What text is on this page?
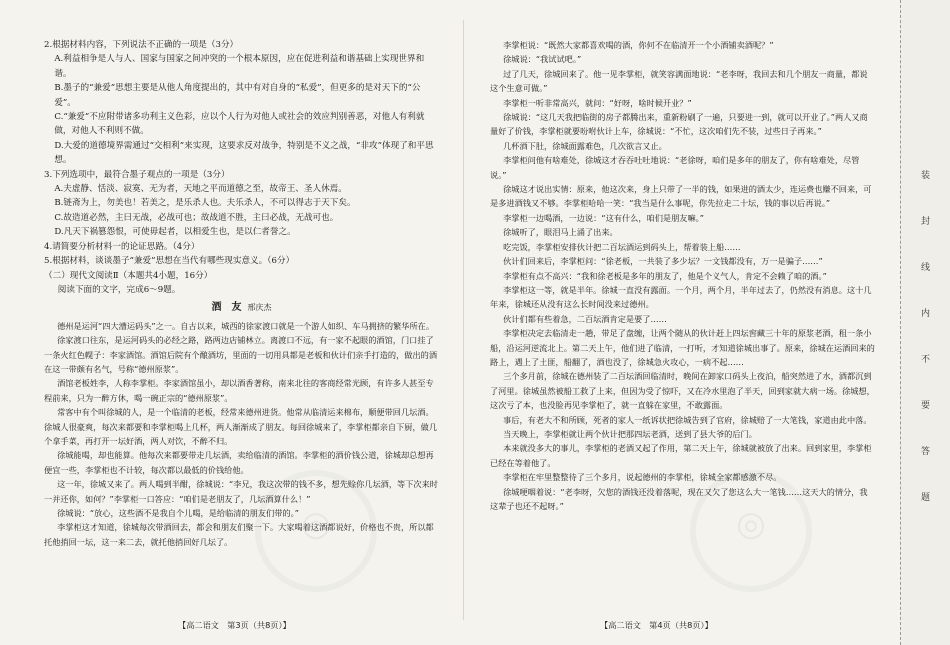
◎	◎

2.根据材料内容，下列说法不正确的一项是（3分）

A.利益相争是人与人、国家与国家之间冲突的一个根本原因，应在促进利益和谐基础上实现世界和谐。

B.墨子的“兼爱”思想主要是从他人角度提出的，其中有对自身的“私爱”，但更多的是对天下的“公爱”。

C.“兼爱”不应附带诸多功利主义色彩，应以个人行为对他人或社会的效应判别善恶，对他人有利就做，对他人不利则不做。

D.大爱的道德境界需通过“交相利”来实现，这要求反对战争，特别是不义之战，“非攻”体现了和平思想。

3.下列选项中，最符合墨子观点的一项是（3分）

A.夫虚静、恬淡、寂寞、无为者，天地之平而道德之至，故帝王、圣人休焉。

B.链斋为上，勿美也！若美之，是乐杀人也。夫乐杀人，不可以得志于天下矣。

C.故造道必然，主曰无战，必战可也；故战道不胜，主曰必战，无战可也。

D.凡天下祸篡怨恨，可使毋起者，以相爱生也，是以仁者誉之。

4.请简要分析材料一的论证思路。（4分）

5.根据材料，谈谈墨子“兼爱”思想在当代有哪些现实意义。（6分）

（二）现代文阅读Ⅱ（本题共4小题，16分）

阅读下面的文字，完成6～9题。

酒　友 邢庆杰

德州是运河“四大漕运码头”之一。自古以来，城西的徐家渡口就是一个游人如织、车马拥挤的繁华所在。

徐家渡口往东，是运河码头的必经之路，路两边店铺林立。离渡口不远，有一家不起眼的酒馆，门口挂了一条火红色幌子：李家酒馆。酒馆后院有个酿酒坊，里面的一切用具都是老板和伙计们亲手打造的，做出的酒在这一带颇有名气，号称“德州原浆”。

酒馆老板姓李，人称李掌柜。李家酒馆虽小，却以酒香著称，南来北往的客商经常光顾，有许多人甚至专程前来，只为一醉方休，喝一碗正宗的“德州原浆”。

常客中有个叫徐城的人，是一个临清的老板，经常来德州进货。他常从临清运来棉布，顺便带回几坛酒。徐城人很豪爽，每次来都要和李掌柜喝上几杯，两人渐渐成了朋友。每回徐城来了，李掌柜都亲自下厨，做几个拿手菜，再打开一坛好酒，两人对饮，不醉不归。

徐城能喝，却也能算。他每次来都要带走几坛酒，卖给临清的酒馆。李掌柜的酒价钱公道，徐城却总想再便宜一些，李掌柜也不计较，每次都以最低的价钱给他。

这一年，徐城又来了。两人喝到半酣，徐城说：“李兄，我这次带的钱不多，想先赊你几坛酒，等下次来时一并还你，如何？”李掌柜一口答应：“咱们是老朋友了，几坛酒算什么！”

徐城说：“放心，这些酒不是我自个儿喝，是给临清的朋友们带的。”

李掌柜这才知道，徐城每次带酒回去，都会和朋友们聚一下。大家喝着这酒都说好，价格也不贵，所以都托他捎回一坛，这一来二去，就托他捎回好几坛了。

李掌柜说：“既然大家都喜欢喝的酒，你何不在临清开一个小酒铺卖酒呢？”

徐城说：“我试试吧。”

过了几天，徐城回来了。他一见李掌柜，就笑容满面地说：“老李呀，我回去和几个朋友一商量，都说这个生意可做。”

李掌柜一听非常高兴，就问：“好呀，啥时候开业？”

徐城说：“这几天我把临街的房子都腾出来，重新粉刷了一遍，只要进一到，就可以开业了。”两人又商量好了价钱，李掌柜就要吩咐伙计上车，徐城说：“不忙，这次咱们先不装，过些日子再来。”

几杯酒下肚，徐城面露难色，几次欲言又止。

李掌柜问他有啥难处，徐城这才吞吞吐吐地说：“老徐呀，咱们是多年的朋友了，你有啥难处，尽管说。”

徐城这才说出实情：原来，他这次来，身上只带了一半的钱，如果进的酒太少，连运费也赚不回来，可是多进酒钱又不够。李掌柜哈哈一笑：“我当是什么事呢，你先拉走二十坛，钱的事以后再说。”

李掌柜一边喝酒，一边说：“这有什么，咱们是朋友嘛。”

徐城听了，眼泪马上涌了出来。

吃完饭，李掌柜安排伙计把二百坛酒运到码头上，帮着装上船……

伙计们回来后，李掌柜问：“徐老板，一共装了多少坛？一文钱都没有，万一是骗子……”

李掌柜有点不高兴：“我和徐老板是多年的朋友了，他是个义气人，肯定不会赖了咱的酒。”

李掌柜这一等，就是半年。徐城一直没有露面。一个月，两个月，半年过去了，仍然没有消息。这十几年来，徐城还从没有这么长时间没来过德州。

伙计们都有些着急，二百坛酒肯定是要了……

李掌柜决定去临清走一趟，带足了盘缠，让两个随从的伙计赶上四坛窖藏三十年的原浆老酒，租一条小船，沿运河逆流北上。第二天上午，他们进了临清，一打听，才知道徐城出事了。原来，徐城在运酒回来的路上，遇上了土匪，船翻了，酒也没了，徐城急火攻心，一病不起……

三个多月前，徐城在德州装了二百坛酒回临清时，晚间在卸家口码头上夜泊，船突然进了水，酒都沉到了河里。徐城虽然被船工救了上来，但因为受了惊吓，又在冷水里泡了半天，回到家就大病一场。徐城想，这次亏了本，也没脸再见李掌柜了，就一直躲在家里，不敢露面。

事后，有老大不和所顾，死者的家人一纸诉状把徐城告到了官府，徐城赔了一大笔钱，家道由此中落。

当天晚上，李掌柜就让两个伙计把那四坛老酒，送到了县大爷的后门。

本来就没多大的事儿，李掌柜的老酒又起了作用，第二天上午，徐城就被放了出来。回到家里，李掌柜已经在等着他了。

李掌柜在牢里整整待了三个多月，说起德州的李掌柜，徐城全家都感激不尽。

徐城哽咽着说：“老李呀，欠您的酒钱还没着落呢，现在又欠了您这么大一笔钱……这天大的情分，我这辈子也还不起呀。”

【高二语文　第3页（共8页）】	【高二语文　第4页（共8页）】
装
封
线
内
不
要
答
题
